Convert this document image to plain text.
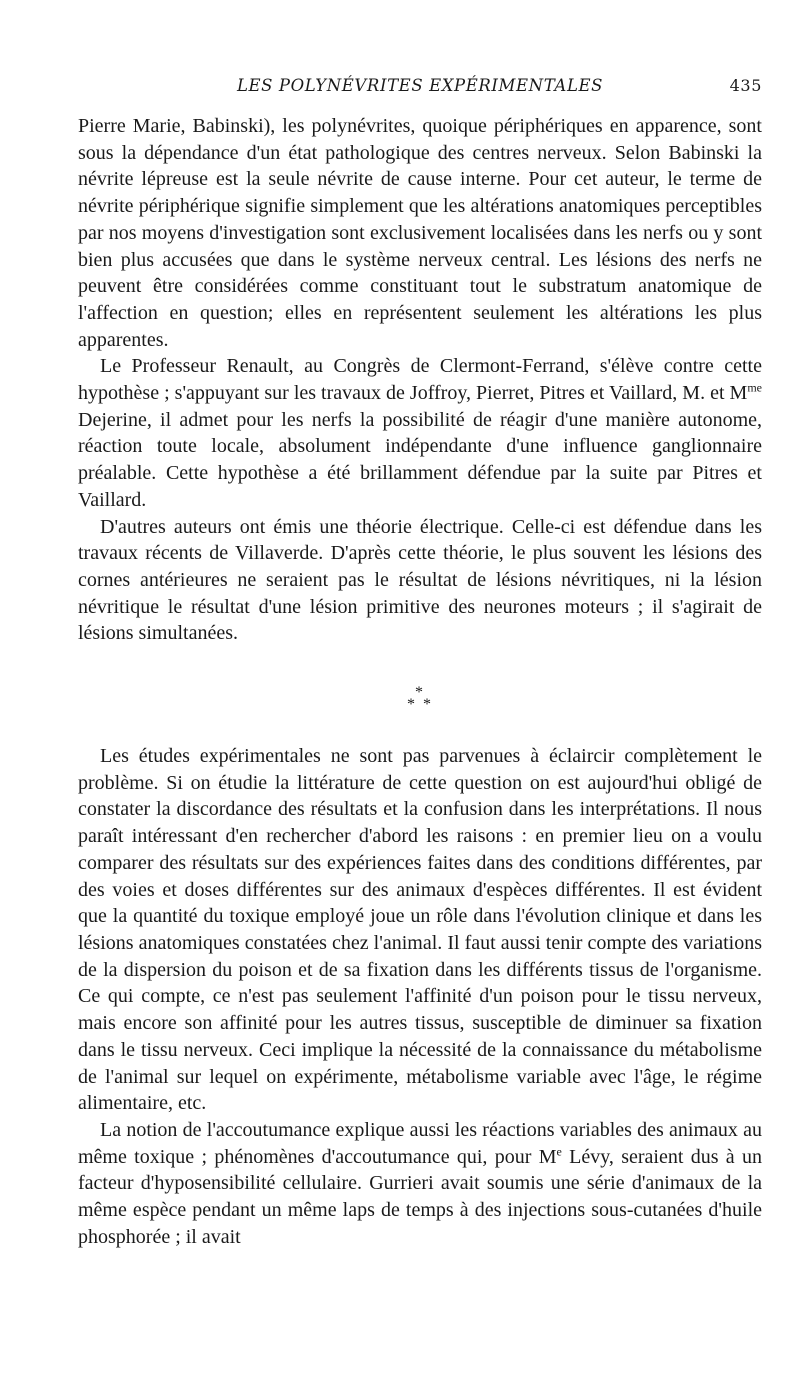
LES POLYNÉVRITES EXPÉRIMENTALES	435

Pierre Marie, Babinski), les polynévrites, quoique périphériques en apparence, sont sous la dépendance d'un état pathologique des centres nerveux. Selon Babinski la névrite lépreuse est la seule névrite de cause interne. Pour cet auteur, le terme de névrite périphérique signifie simplement que les altérations anatomiques perceptibles par nos moyens d'investigation sont exclusivement localisées dans les nerfs ou y sont bien plus accusées que dans le système nerveux central. Les lésions des nerfs ne peuvent être considérées comme constituant tout le substratum anatomique de l'affection en question; elles en représentent seulement les altérations les plus apparentes.

Le Professeur Renault, au Congrès de Clermont-Ferrand, s'élève contre cette hypothèse ; s'appuyant sur les travaux de Joffroy, Pierret, Pitres et Vaillard, M. et $M^{me}$ Dejerine, il admet pour les nerfs la possibilité de réagir d'une manière autonome, réaction toute locale, absolument indépendante d'une influence ganglionnaire préalable. Cette hypothèse a été brillamment défendue par la suite par Pitres et Vaillard.

D'autres auteurs ont émis une théorie électrique. Celle-ci est défendue dans les travaux récents de Villaverde. D'après cette théorie, le plus souvent les lésions des cornes antérieures ne seraient pas le résultat de lésions névritiques, ni la lésion névritique le résultat d'une lésion primitive des neurones moteurs ; il s'agirait de lésions simultanées.

*
* *

Les études expérimentales ne sont pas parvenues à éclaircir complètement le problème. Si on étudie la littérature de cette question on est aujourd'hui obligé de constater la discordance des résultats et la confusion dans les interprétations. Il nous paraît intéressant d'en rechercher d'abord les raisons : en premier lieu on a voulu comparer des résultats sur des expériences faites dans des conditions différentes, par des voies et doses différentes sur des animaux d'espèces différentes. Il est évident que la quantité du toxique employé joue un rôle dans l'évolution clinique et dans les lésions anatomiques constatées chez l'animal. Il faut aussi tenir compte des variations de la dispersion du poison et de sa fixation dans les différents tissus de l'organisme. Ce qui compte, ce n'est pas seulement l'affinité d'un poison pour le tissu nerveux, mais encore son affinité pour les autres tissus, susceptible de diminuer sa fixation dans le tissu nerveux. Ceci implique la nécessité de la connaissance du métabolisme de l'animal sur lequel on expérimente, métabolisme variable avec l'âge, le régime alimentaire, etc.

La notion de l'accoutumance explique aussi les réactions variables des animaux au même toxique ; phénomènes d'accoutumance qui, pour Me Lévy, seraient dus à un facteur d'hyposensibilité cellulaire. Gurrieri avait soumis une série d'animaux de la même espèce pendant un même laps de temps à des injections sous-cutanées d'huile phosphorée ; il avait
